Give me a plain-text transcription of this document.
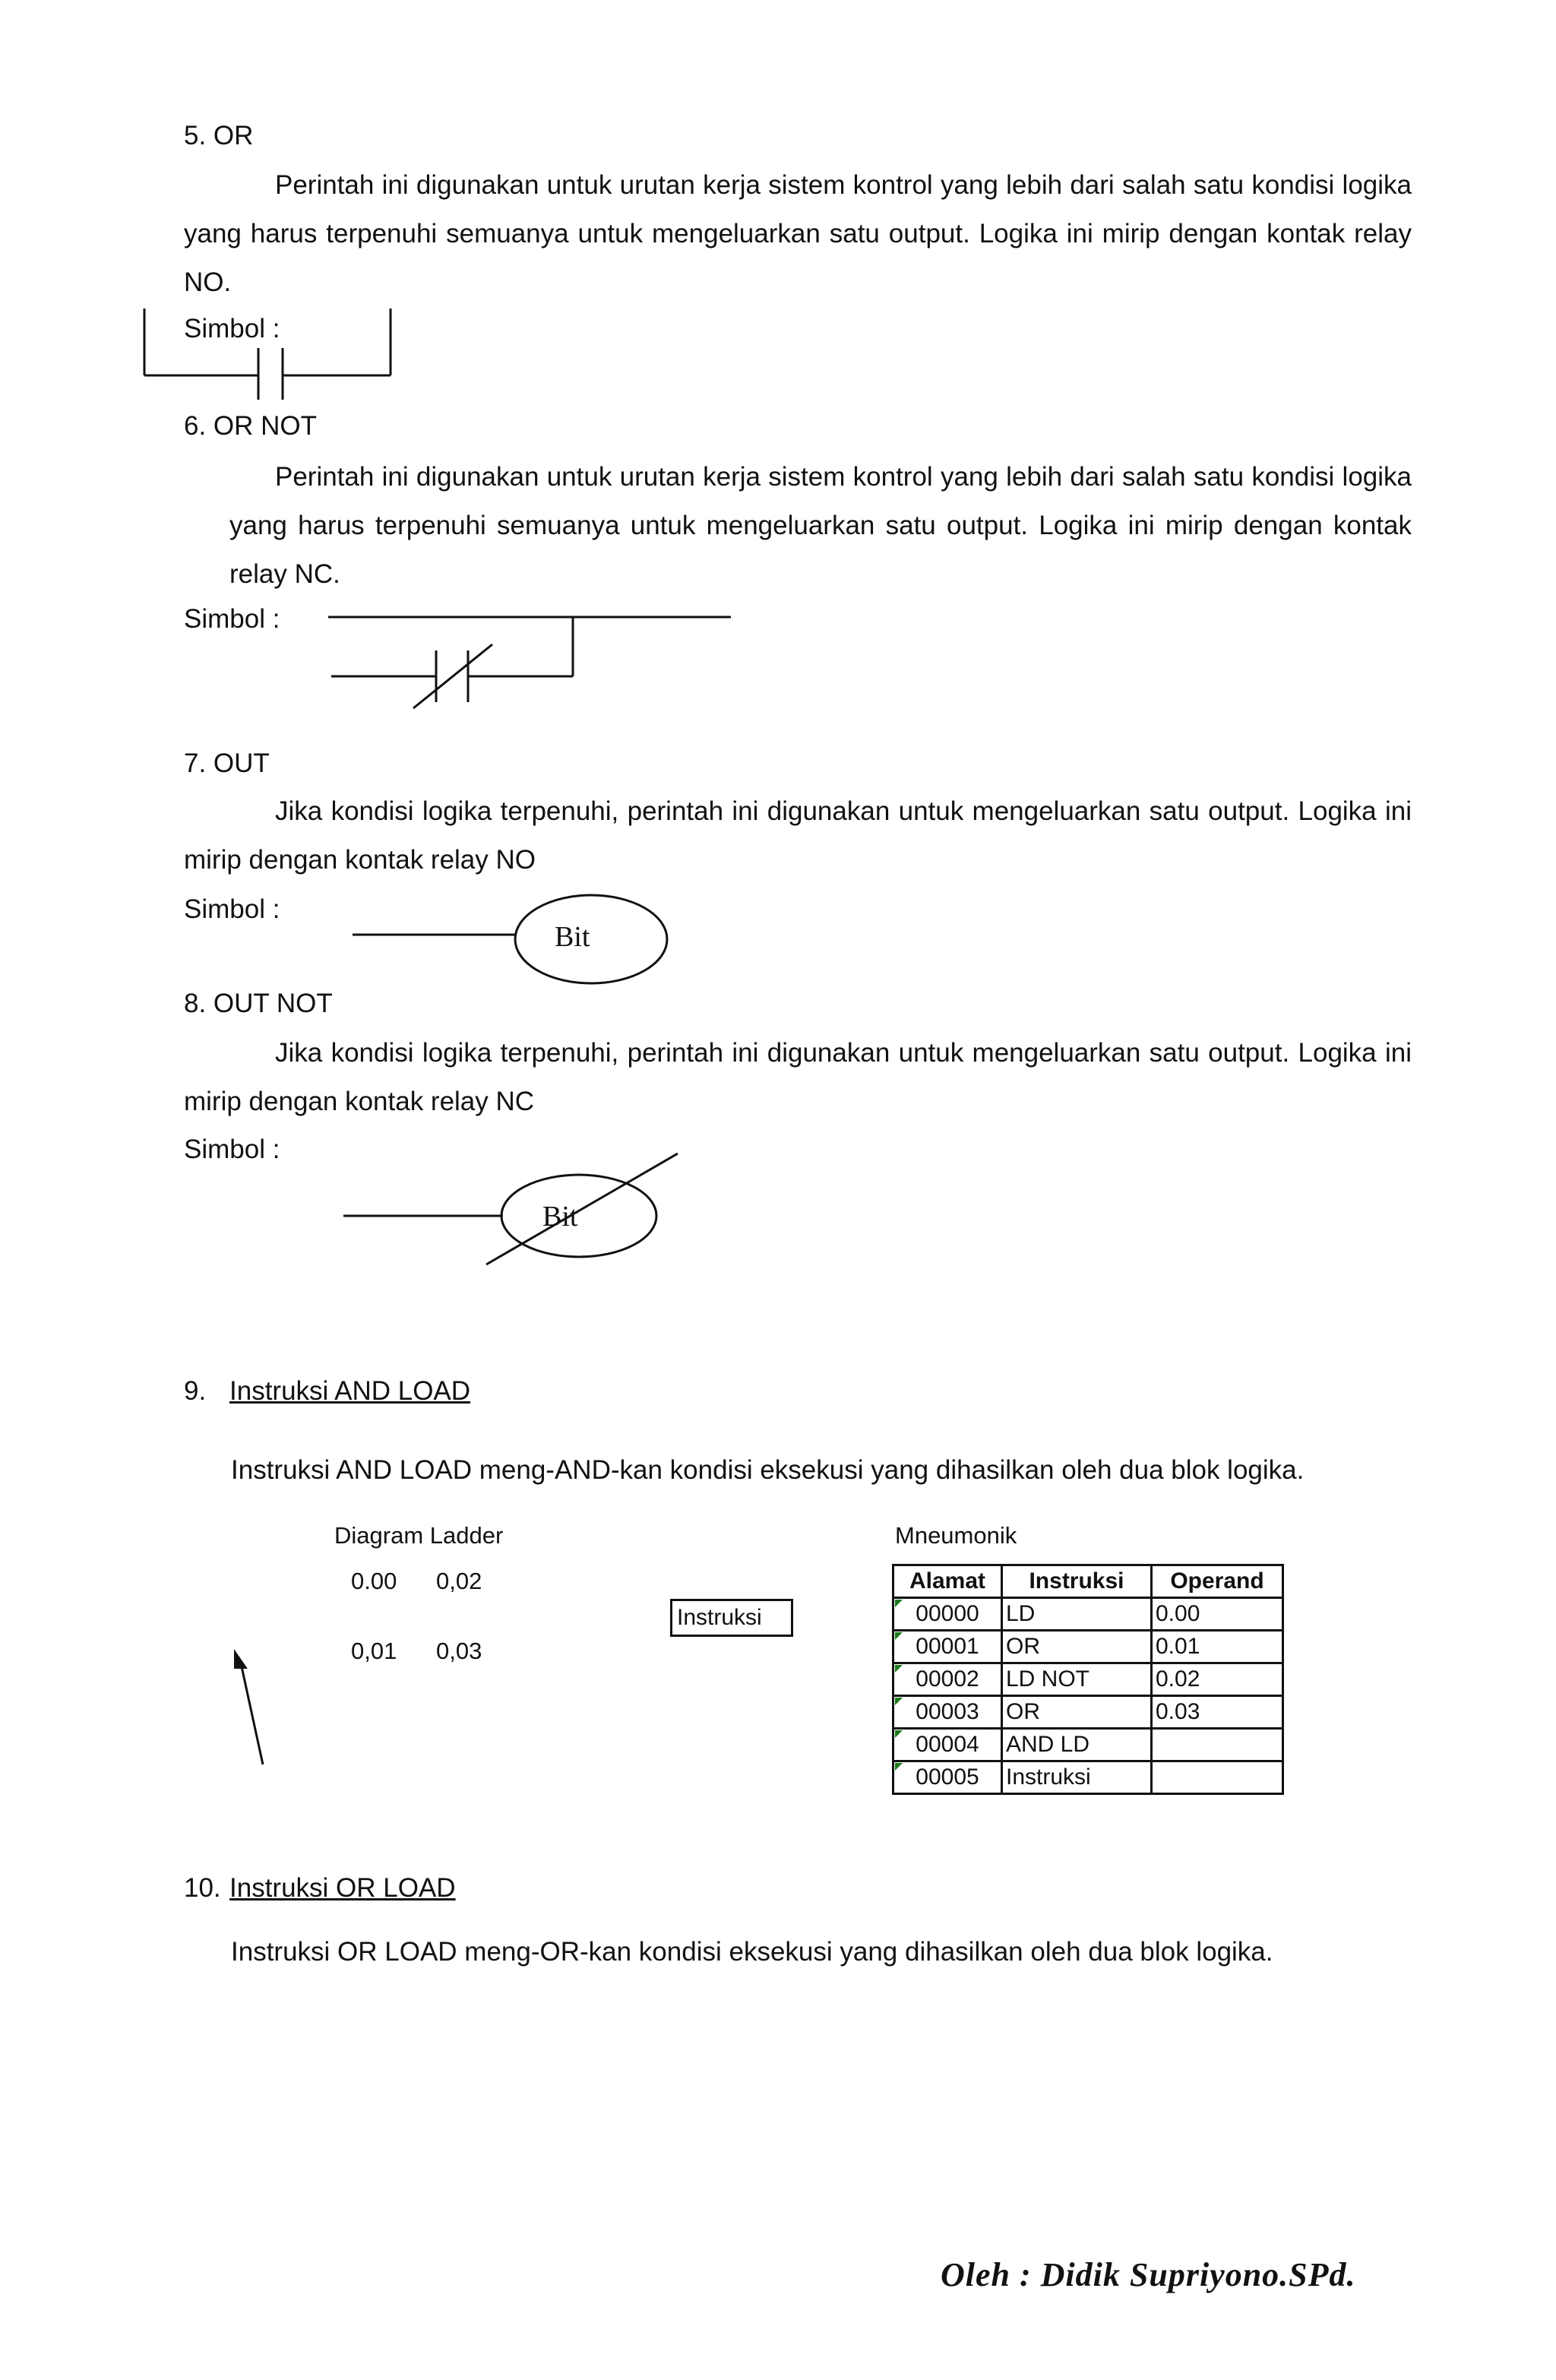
5. OR
Perintah ini digunakan untuk urutan kerja sistem kontrol yang lebih dari salah satu kondisi logika yang harus terpenuhi semuanya untuk mengeluarkan satu output. Logika ini mirip dengan kontak relay NO.
Simbol :
6. OR NOT
Perintah ini digunakan untuk urutan kerja sistem kontrol yang lebih dari salah satu kondisi logika yang harus terpenuhi semuanya untuk mengeluarkan satu output. Logika ini mirip dengan kontak relay NC.
Simbol :
7. OUT
Jika kondisi logika terpenuhi, perintah ini digunakan untuk mengeluarkan satu output. Logika ini mirip dengan kontak relay NO
Simbol :
Bit
8. OUT NOT
Jika kondisi logika terpenuhi, perintah ini digunakan untuk mengeluarkan satu output. Logika ini mirip dengan kontak relay NC
Simbol :
Bit
9. Instruksi AND LOAD
Instruksi AND LOAD meng-AND-kan kondisi eksekusi yang dihasilkan oleh dua blok logika.
Diagram Ladder	Mneumonik
0.00 0,02
0,01 0,03
Instruksi
Alamat	Instruksi	Operand
00000	LD	0.00
00001	OR	0.01
00002	LD NOT	0.02
00003	OR	0.03
00004	AND LD	
00005	Instruksi	
10. Instruksi OR LOAD
Instruksi OR LOAD meng-OR-kan kondisi eksekusi yang dihasilkan oleh dua blok logika.
Oleh : Didik Supriyono.SPd.
